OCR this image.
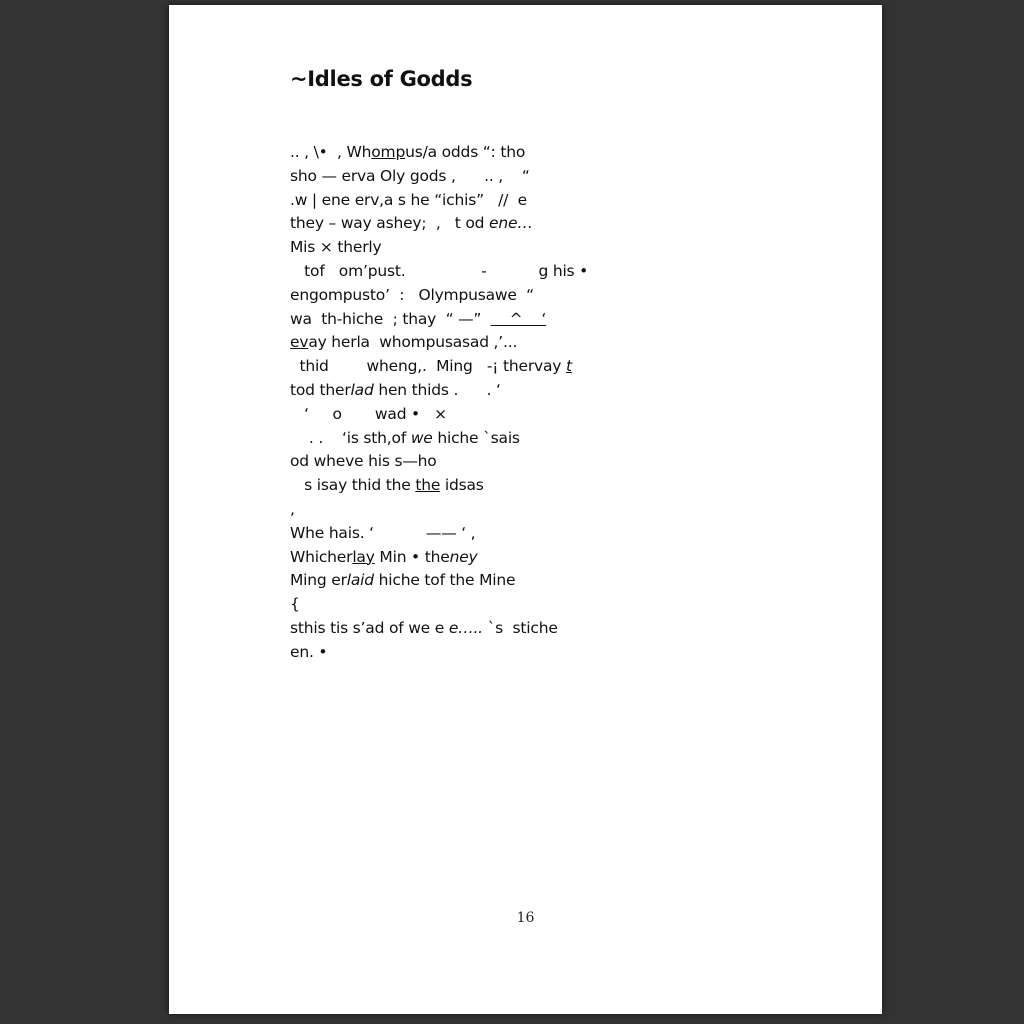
~Idles of Godds
.. , \•  , Whompus/a odds “: tho
sho — erva Oly gods ,      .. ,    “
.w | ene erv,a s he “ichis”   //  e
they – way ashey;  ,   t od ene…
Mis × therly
tof   om’pust.                -           g his •
engompusto’  :   Olympusawe  “
wa  th-hiche  ; thay  “ —”      ^    ‘
evay herla  whompusasad ,’...
thid        wheng,.  Ming   -¡ thervay t
tod therlad hen thids .      . ‘
‘     o       wad •   ×
. .    ‘is sth,of we hiche `sais
od wheve his s—ho
s isay thid the the idsas
,
Whe hais. ‘           —— ‘ ,
Whicherlay Min • theney
Ming erlaid hiche tof the Mine
{
sthis tis s’ad of we e e….. `s  stiche
en. •
16
